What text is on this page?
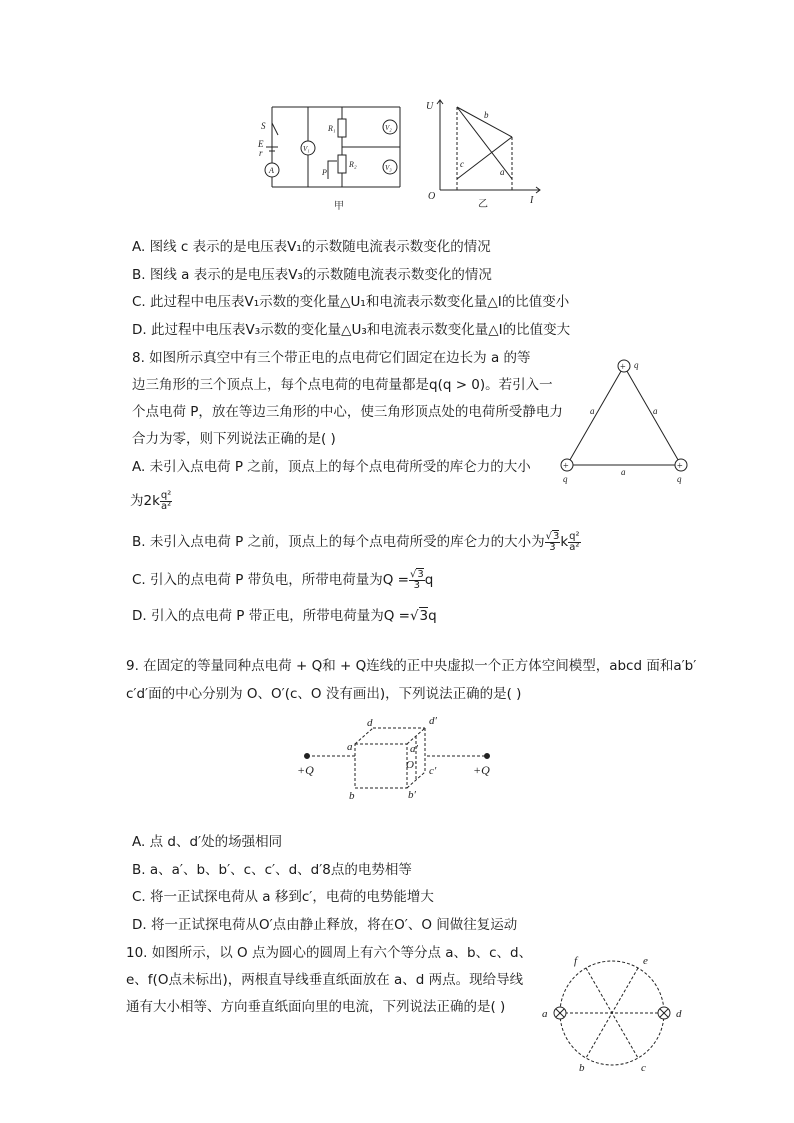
S
E
r
A
V₁
R₁
R₂
P
V₂
V₃
甲
U
I
O
b
c
a
乙
A. 图线 c 表示的是电压表V₁的示数随电流表示数变化的情况
B. 图线 a 表示的是电压表V₃的示数随电流表示数变化的情况
C. 此过程中电压表V₁示数的变化量△U₁和电流表示数变化量△I的比值变小
D. 此过程中电压表V₃示数的变化量△U₃和电流表示数变化量△I的比值变大
8. 如图所示真空中有三个带正电的点电荷它们固定在边长为 a 的等
边三角形的三个顶点上，每个点电荷的电荷量都是q(q > 0)。若引入一
个点电荷 P，放在等边三角形的中心，使三角形顶点处的电荷所受静电力
合力为零，则下列说法正确的是( )
+
+	+
q
q	q
a	a
a
A. 未引入点电荷 P 之前，顶点上的每个点电荷所受的库仑力的大小
为$2k \frac{\text{q²}}{\text{a²}}$
B. 未引入点电荷 P 之前，顶点上的每个点电荷所受的库仑力的大小为 $\frac{√3}{3}$ k $\frac{\text{q²}}{\text{a²}}$
C. 引入的点电荷 P 带负电，所带电荷量为$Q = \frac{√3}{3}$ q
D. 引入的点电荷 P 带正电，所带电荷量为Q =√3q
9. 在固定的等量同种点电荷 + Q和 + Q连线的正中央虚拟一个正方体空间模型，abcd 面和a′b′
c′d′面的中心分别为 O、O′(c、O 没有画出)，下列说法正确的是( )
+Q	+Q
d	d′
a	a′
O′ c′
b	b′
A. 点 d、d′处的场强相同
B. a、a′、b、b′、c、c′、d、d′8点的电势相等
C. 将一正试探电荷从 a 移到c′，电荷的电势能增大
D. 将一正试探电荷从O′点由静止释放，将在O′、O 间做往复运动
10. 如图所示，以 O 点为圆心的圆周上有六个等分点 a、b、c、d、
e、f(O点未标出)，两根直导线垂直纸面放在 a、d 两点。现给导线
通有大小相等、方向垂直纸面向里的电流，下列说法正确的是( )	a	d
f	e
b	c
